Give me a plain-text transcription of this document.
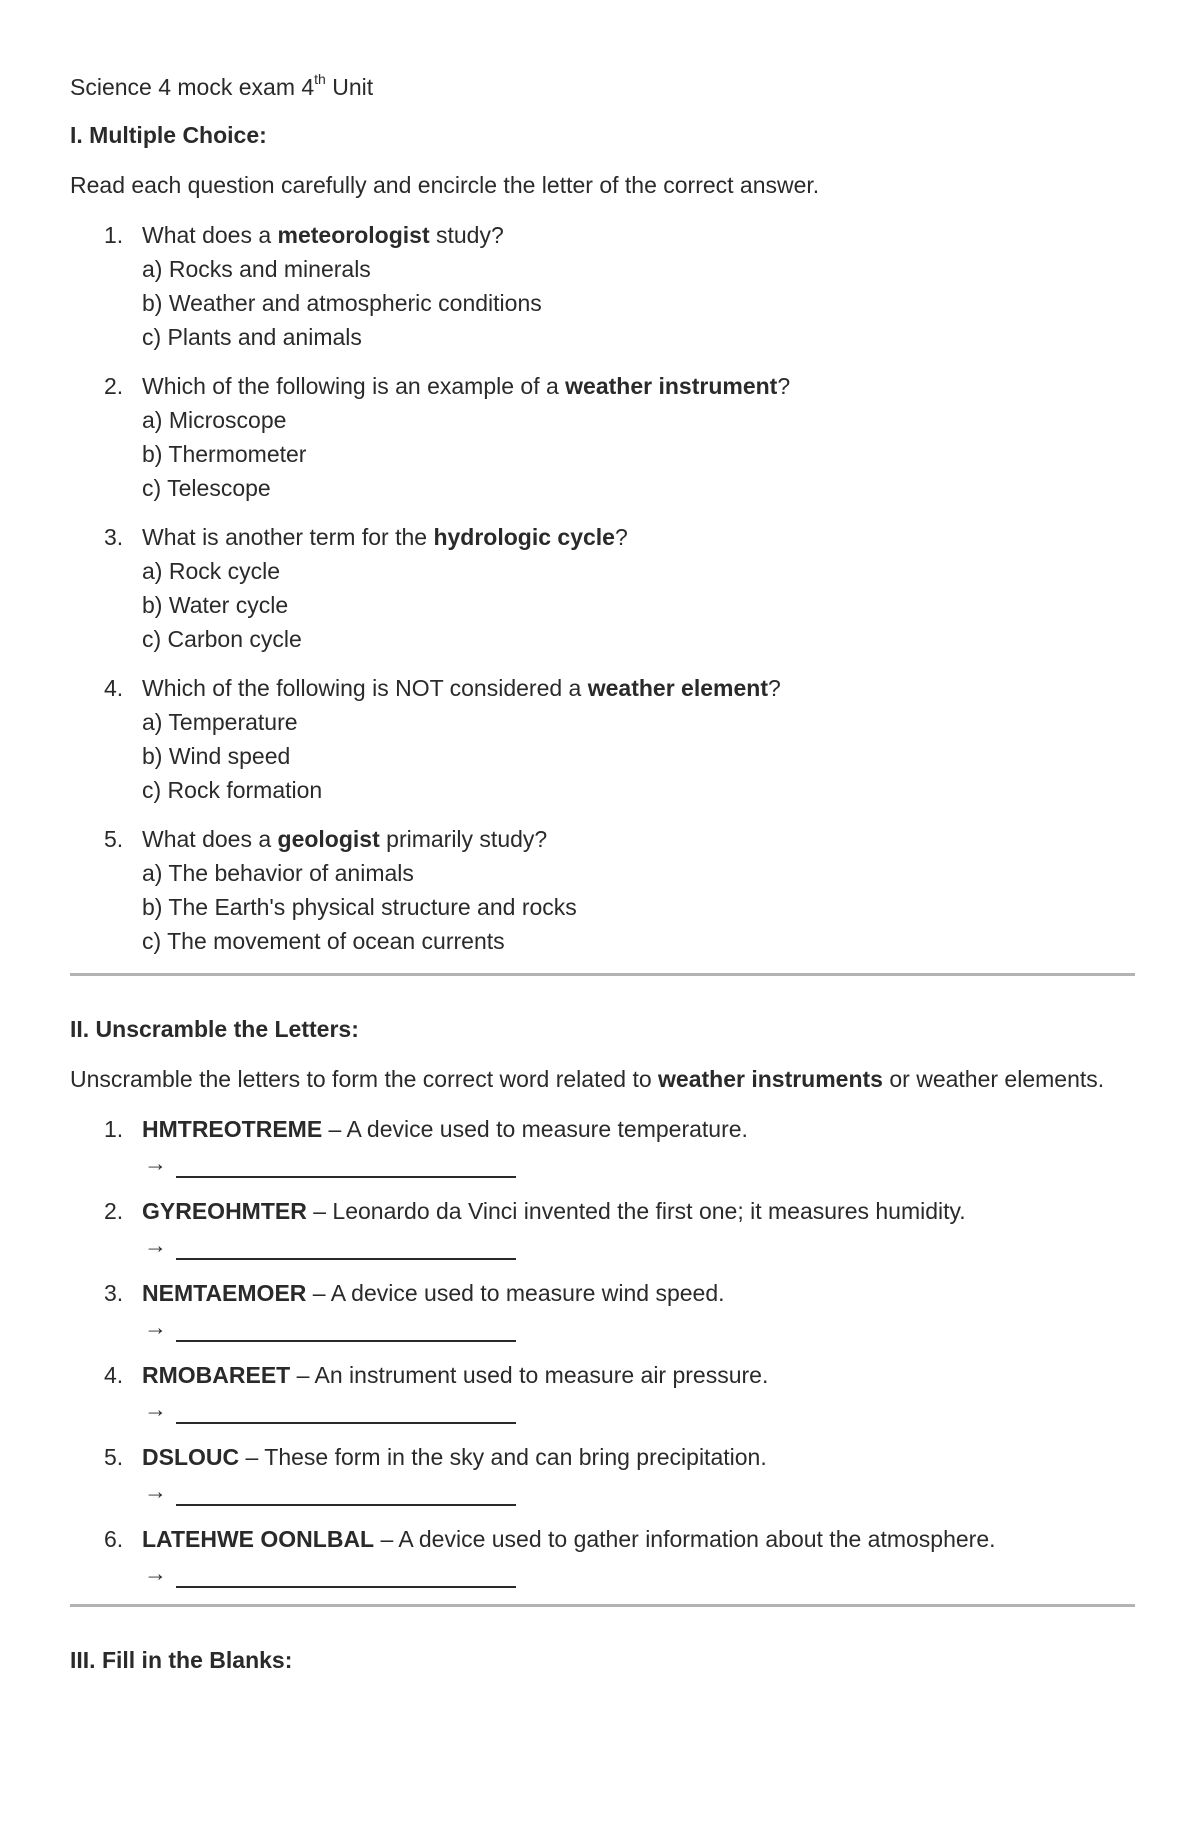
Science 4 mock exam 4th Unit
I. Multiple Choice:
Read each question carefully and encircle the letter of the correct answer.
1. What does a meteorologist study?
a) Rocks and minerals
b) Weather and atmospheric conditions
c) Plants and animals
2. Which of the following is an example of a weather instrument?
a) Microscope
b) Thermometer
c) Telescope
3. What is another term for the hydrologic cycle?
a) Rock cycle
b) Water cycle
c) Carbon cycle
4. Which of the following is NOT considered a weather element?
a) Temperature
b) Wind speed
c) Rock formation
5. What does a geologist primarily study?
a) The behavior of animals
b) The Earth's physical structure and rocks
c) The movement of ocean currents
II. Unscramble the Letters:
Unscramble the letters to form the correct word related to weather instruments or weather elements.
1. HMTREOTREME – A device used to measure temperature.
→
2. GYREOHMTER – Leonardo da Vinci invented the first one; it measures humidity.
→
3. NEMTAEMOER – A device used to measure wind speed.
→
4. RMOBAREET – An instrument used to measure air pressure.
→
5. DSLOUC – These form in the sky and can bring precipitation.
→
6. LATEHWE OONLBAL – A device used to gather information about the atmosphere.
→
III. Fill in the Blanks:
